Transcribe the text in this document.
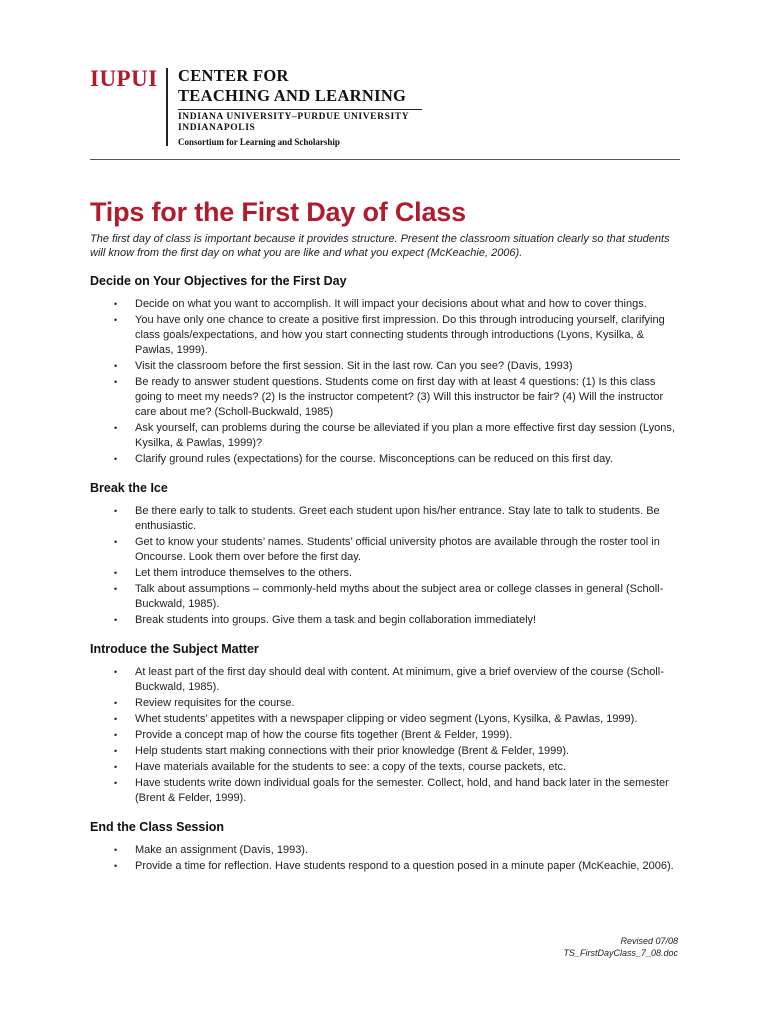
IUPUI CENTER FOR
TEACHING AND LEARNING
INDIANA UNIVERSITY–PURDUE UNIVERSITY
INDIANAPOLIS
Consortium for Learning and Scholarship
Tips for the First Day of Class

The first day of class is important because it provides structure. Present the classroom situation clearly so that students will know from the first day on what you are like and what you expect (McKeachie, 2006).

Decide on Your Objectives for the First Day
• Decide on what you want to accomplish. It will impact your decisions about what and how to cover things.
• You have only one chance to create a positive first impression. Do this through introducing yourself, clarifying class goals/expectations, and how you start connecting students through introductions (Lyons, Kysilka, & Pawlas, 1999).
• Visit the classroom before the first session. Sit in the last row. Can you see? (Davis, 1993)
• Be ready to answer student questions. Students come on first day with at least 4 questions: (1) Is this class going to meet my needs? (2) Is the instructor competent? (3) Will this instructor be fair? (4) Will the instructor care about me? (Scholl-Buckwald, 1985)
• Ask yourself, can problems during the course be alleviated if you plan a more effective first day session (Lyons, Kysilka, & Pawlas, 1999)?
• Clarify ground rules (expectations) for the course. Misconceptions can be reduced on this first day.
Break the Ice
• Be there early to talk to students. Greet each student upon his/her entrance. Stay late to talk to students. Be enthusiastic.
• Get to know your students’ names. Students’ official university photos are available through the roster tool in Oncourse. Look them over before the first day.
• Let them introduce themselves to the others.
• Talk about assumptions – commonly-held myths about the subject area or college classes in general (Scholl-Buckwald, 1985).
• Break students into groups. Give them a task and begin collaboration immediately!
Introduce the Subject Matter
• At least part of the first day should deal with content. At minimum, give a brief overview of the course (Scholl-Buckwald, 1985).
• Review requisites for the course.
• Whet students’ appetites with a newspaper clipping or video segment (Lyons, Kysilka, & Pawlas, 1999).
• Provide a concept map of how the course fits together (Brent & Felder, 1999).
• Help students start making connections with their prior knowledge (Brent & Felder, 1999).
• Have materials available for the students to see: a copy of the texts, course packets, etc.
• Have students write down individual goals for the semester. Collect, hold, and hand back later in the semester (Brent & Felder, 1999).
End the Class Session
• Make an assignment (Davis, 1993).
• Provide a time for reflection. Have students respond to a question posed in a minute paper (McKeachie, 2006).
Revised 07/08
TS_FirstDayClass_7_08.doc
